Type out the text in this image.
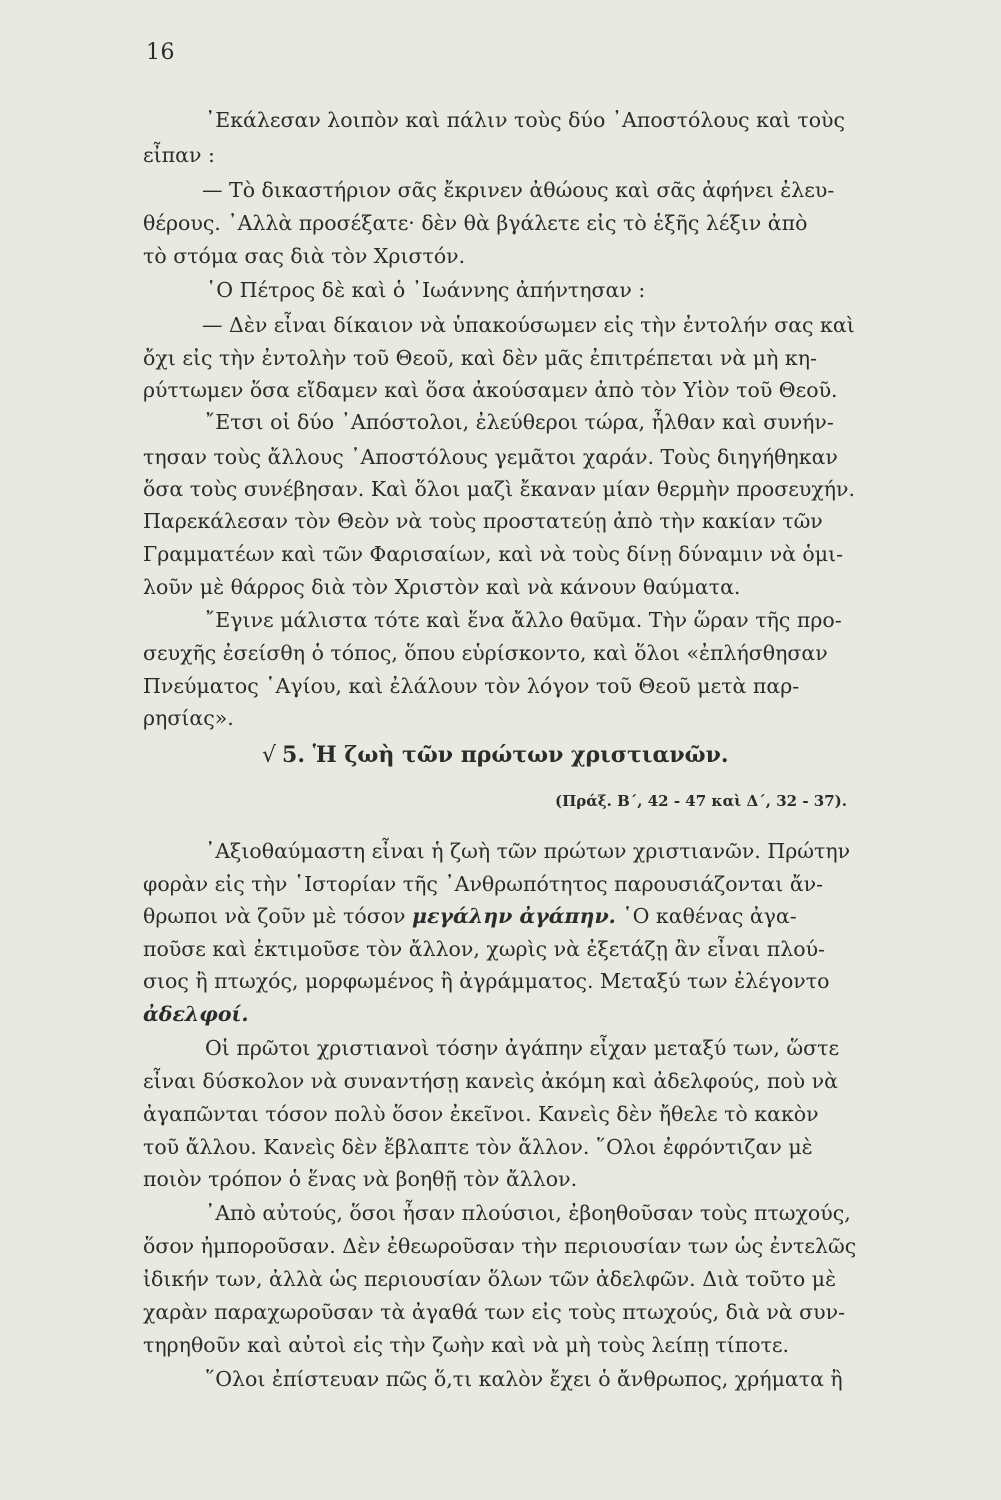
16
᾿Εκάλεσαν λοιπὸν καὶ πάλιν τοὺς δύο ᾿Αποστόλους καὶ τοὺς
εἶπαν :
— Τὸ δικαστήριον σᾶς ἔκρινεν ἀθώους καὶ σᾶς ἀφήνει ἐλευ-
θέρους. ᾿Αλλὰ προσέξατε· δὲν θὰ βγάλετε εἰς τὸ ἑξῆς λέξιν ἀπὸ
τὸ στόμα σας διὰ τὸν Χριστόν.
῾Ο Πέτρος δὲ καὶ ὁ ᾿Ιωάννης ἀπήντησαν :
— Δὲν εἶναι δίκαιον νὰ ὑπακούσωμεν εἰς τὴν ἐντολήν σας καὶ
ὄχι εἰς τὴν ἐντολὴν τοῦ Θεοῦ, καὶ δὲν μᾶς ἐπιτρέπεται νὰ μὴ κη-
ρύττωμεν ὅσα εἴδαμεν καὶ ὅσα ἀκούσαμεν ἀπὸ τὸν Υἱὸν τοῦ Θεοῦ.
῎Ετσι οἱ δύο ᾿Απόστολοι, ἐλεύθεροι τώρα, ἦλθαν καὶ συνήν-
τησαν τοὺς ἄλλους ᾿Αποστόλους γεμᾶτοι χαράν. Τοὺς διηγήθηκαν
ὅσα τοὺς συνέβησαν. Καὶ ὅλοι μαζὶ ἔκαναν μίαν θερμὴν προσευχήν.
Παρεκάλεσαν τὸν Θεὸν νὰ τοὺς προστατεύῃ ἀπὸ τὴν κακίαν τῶν
Γραμματέων καὶ τῶν Φαρισαίων, καὶ νὰ τοὺς δίνῃ δύναμιν νὰ ὁμι-
λοῦν μὲ θάρρος διὰ τὸν Χριστὸν καὶ νὰ κάνουν θαύματα.
῎Εγινε μάλιστα τότε καὶ ἕνα ἄλλο θαῦμα. Τὴν ὥραν τῆς προ-
σευχῆς ἐσείσθη ὁ τόπος, ὅπου εὑρίσκοντο, καὶ ὅλοι «ἐπλήσθησαν
Πνεύματος ῾Αγίου, καὶ ἐλάλουν τὸν λόγον τοῦ Θεοῦ μετὰ παρ-
ρησίας».
√ 5. Ἡ ζωὴ τῶν πρώτων χριστιανῶν.
(Πράξ. Β΄, 42 - 47 καὶ Δ΄, 32 - 37).
᾿Αξιοθαύμαστη εἶναι ἡ ζωὴ τῶν πρώτων χριστιανῶν. Πρώτην
φορὰν εἰς τὴν ῾Ιστορίαν τῆς ᾿Ανθρωπότητος παρουσιάζονται ἄν-
θρωποι νὰ ζοῦν μὲ τόσον μεγάλην ἀγάπην. ῾Ο καθένας ἀγα-
ποῦσε καὶ ἐκτιμοῦσε τὸν ἄλλον, χωρὶς νὰ ἐξετάζῃ ἂν εἶναι πλού-
σιος ἢ πτωχός, μορφωμένος ἢ ἀγράμματος. Μεταξύ των ἐλέγοντο
ἀδελφοί.
Οἱ πρῶτοι χριστιανοὶ τόσην ἀγάπην εἶχαν μεταξύ των, ὥστε
εἶναι δύσκολον νὰ συναντήσῃ κανεὶς ἀκόμη καὶ ἀδελφούς, ποὺ νὰ
ἀγαπῶνται τόσον πολὺ ὅσον ἐκεῖνοι. Κανεὶς δὲν ἤθελε τὸ κακὸν
τοῦ ἄλλου. Κανεὶς δὲν ἔβλαπτε τὸν ἄλλον. ῞Ολοι ἐφρόντιζαν μὲ
ποιὸν τρόπον ὁ ἕνας νὰ βοηθῇ τὸν ἄλλον.
᾿Απὸ αὐτούς, ὅσοι ἦσαν πλούσιοι, ἐβοηθοῦσαν τοὺς πτωχούς,
ὅσον ἠμποροῦσαν. Δὲν ἐθεωροῦσαν τὴν περιουσίαν των ὡς ἐντελῶς
ἰδικήν των, ἀλλὰ ὡς περιουσίαν ὅλων τῶν ἀδελφῶν. Διὰ τοῦτο μὲ
χαρὰν παραχωροῦσαν τὰ ἀγαθά των εἰς τοὺς πτωχούς, διὰ νὰ συν-
τηρηθοῦν καὶ αὐτοὶ εἰς τὴν ζωὴν καὶ νὰ μὴ τοὺς λείπῃ τίποτε.
῞Ολοι ἐπίστευαν πῶς ὅ,τι καλὸν ἔχει ὁ ἄνθρωπος, χρήματα ἢ
